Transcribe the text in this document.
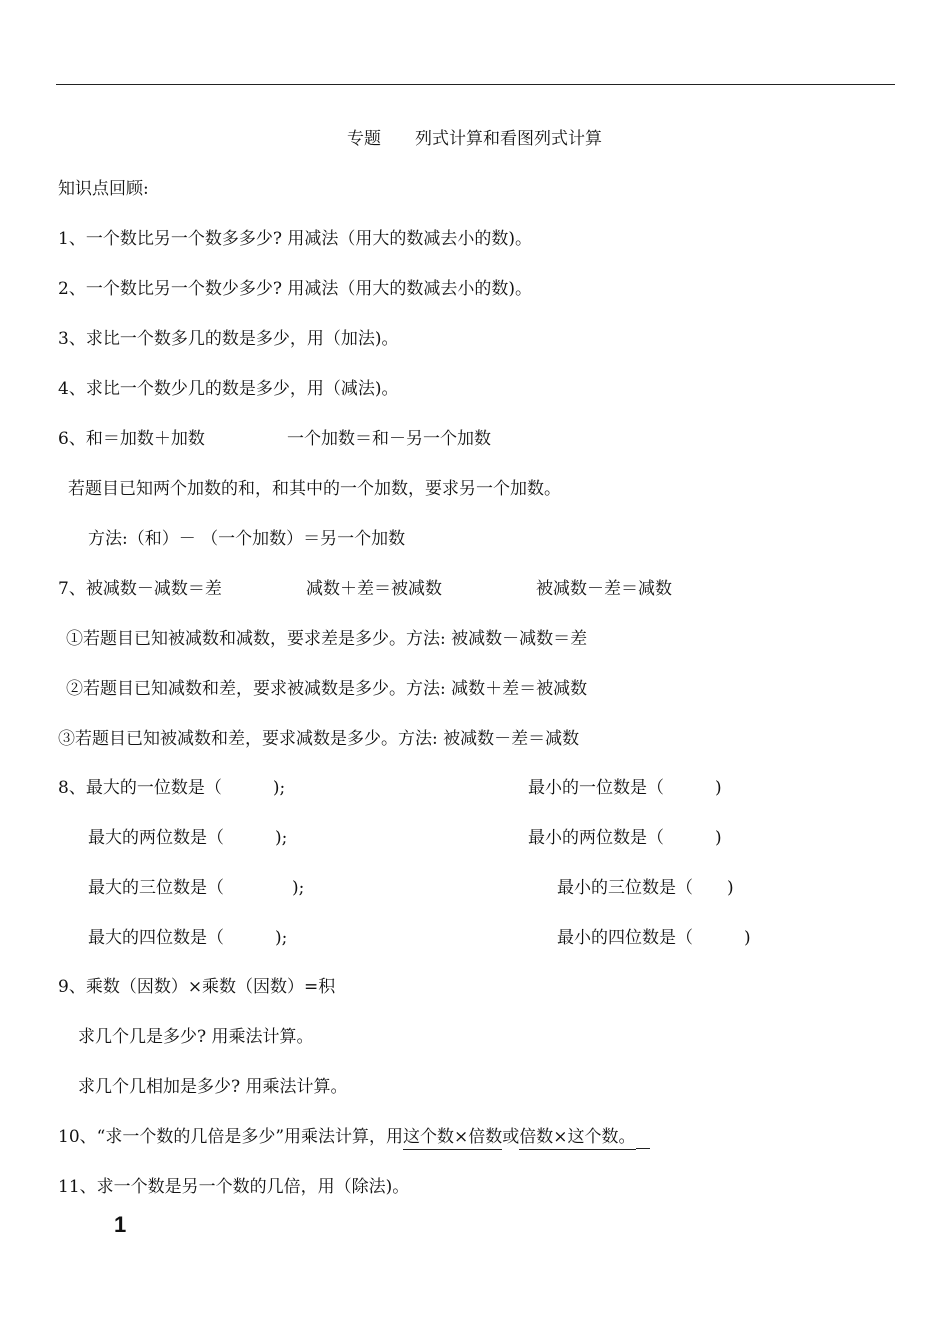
专题 列式计算和看图列式计算
知识点回顾:
1、一个数比另一个数多多少? 用减法（用大的数减去小的数)。
2、一个数比另一个数少多少? 用减法（用大的数减去小的数)。
3、求比一个数多几的数是多少，用（加法)。
4、求比一个数少几的数是多少，用（减法)。
6、和＝加数＋加数	一个加数＝和－另一个加数
若题目已知两个加数的和，和其中的一个加数，要求另一个加数。
方法:（和）－ （一个加数）＝另一个加数
7、被减数－减数＝差	减数＋差＝被减数	被减数－差＝减数
①若题目已知被减数和减数，要求差是多少。方法: 被减数－减数＝差
②若题目已知减数和差，要求被减数是多少。方法: 减数＋差＝被减数
③若题目已知被减数和差，要求减数是多少。方法: 被减数－差＝减数
8、最大的一位数是（　　　);	最小的一位数是（　　　)
最大的两位数是（　　　);	最小的两位数是（　　　)
最大的三位数是（　　　　);	最小的三位数是（　　)
最大的四位数是（　　　);	最小的四位数是（　　　)
9、乘数（因数）×乘数（因数）=积
求几个几是多少? 用乘法计算。
求几个几相加是多少? 用乘法计算。
10、“求一个数的几倍是多少”用乘法计算，用这个数×倍数或倍数×这个数。
11、求一个数是另一个数的几倍，用（除法)。
1
